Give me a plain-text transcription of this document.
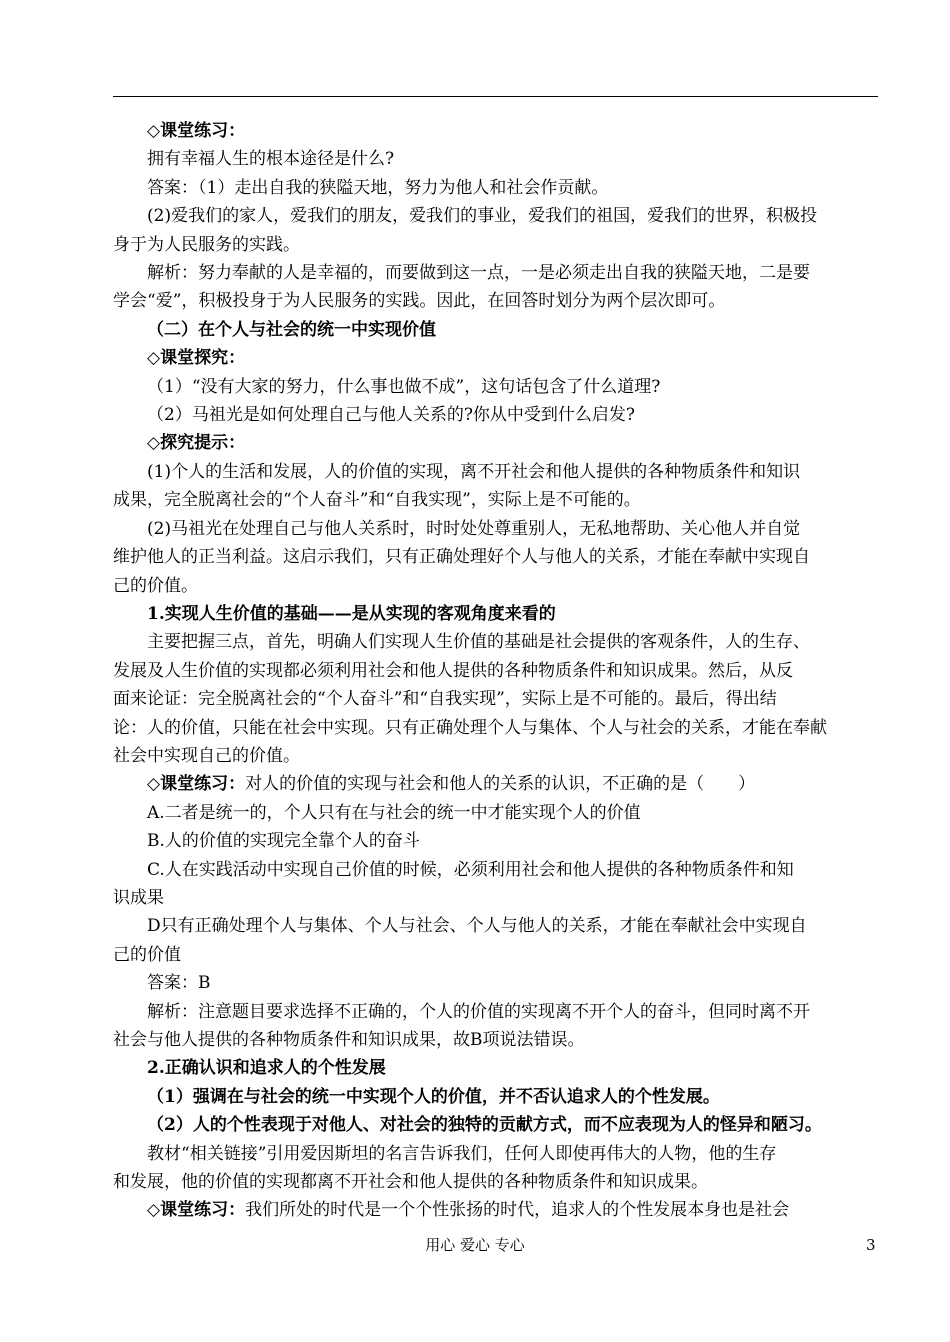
◇课堂练习：
拥有幸福人生的根本途径是什么?
答案：（1）走出自我的狭隘天地，努力为他人和社会作贡献。
(2)爱我们的家人，爱我们的朋友，爱我们的事业，爱我们的祖国，爱我们的世界，积极投
身于为人民服务的实践。
解析：努力奉献的人是幸福的，而要做到这一点，一是必须走出自我的狭隘天地，二是要
学会“爱”，积极投身于为人民服务的实践。因此，在回答时划分为两个层次即可。
（二）在个人与社会的统一中实现价值
◇课堂探究：
（1）“没有大家的努力，什么事也做不成”，这句话包含了什么道理?
（2）马祖光是如何处理自己与他人关系的?你从中受到什么启发?
◇探究提示：
(1)个人的生活和发展，人的价值的实现，离不开社会和他人提供的各种物质条件和知识
成果，完全脱离社会的“个人奋斗”和“自我实现”，实际上是不可能的。
(2)马祖光在处理自己与他人关系时，时时处处尊重别人，无私地帮助、关心他人并自觉
维护他人的正当利益。这启示我们，只有正确处理好个人与他人的关系，才能在奉献中实现自
己的价值。
1.实现人生价值的基础——是从实现的客观角度来看的
主要把握三点，首先，明确人们实现人生价值的基础是社会提供的客观条件，人的生存、
发展及人生价值的实现都必须利用社会和他人提供的各种物质条件和知识成果。然后，从反
面来论证：完全脱离社会的“个人奋斗”和“自我实现”，实际上是不可能的。最后，得出结
论：人的价值，只能在社会中实现。只有正确处理个人与集体、个人与社会的关系，才能在奉献
社会中实现自己的价值。
◇课堂练习：对人的价值的实现与社会和他人的关系的认识，不正确的是（　　）
A.二者是统一的，个人只有在与社会的统一中才能实现个人的价值
B.人的价值的实现完全靠个人的奋斗
C.人在实践活动中实现自己价值的时候，必须利用社会和他人提供的各种物质条件和知
识成果
D只有正确处理个人与集体、个人与社会、个人与他人的关系，才能在奉献社会中实现自
己的价值
答案：B
解析：注意题目要求选择不正确的，个人的价值的实现离不开个人的奋斗，但同时离不开
社会与他人提供的各种物质条件和知识成果，故B项说法错误。
2.正确认识和追求人的个性发展
（1）强调在与社会的统一中实现个人的价值，并不否认追求人的个性发展。
（2）人的个性表现于对他人、对社会的独特的贡献方式，而不应表现为人的怪异和陋习。
教材“相关链接”引用爱因斯坦的名言告诉我们，任何人即使再伟大的人物，他的生存
和发展，他的价值的实现都离不开社会和他人提供的各种物质条件和知识成果。
◇课堂练习：我们所处的时代是一个个性张扬的时代，追求人的个性发展本身也是社会
用心 爱心 专心	3
